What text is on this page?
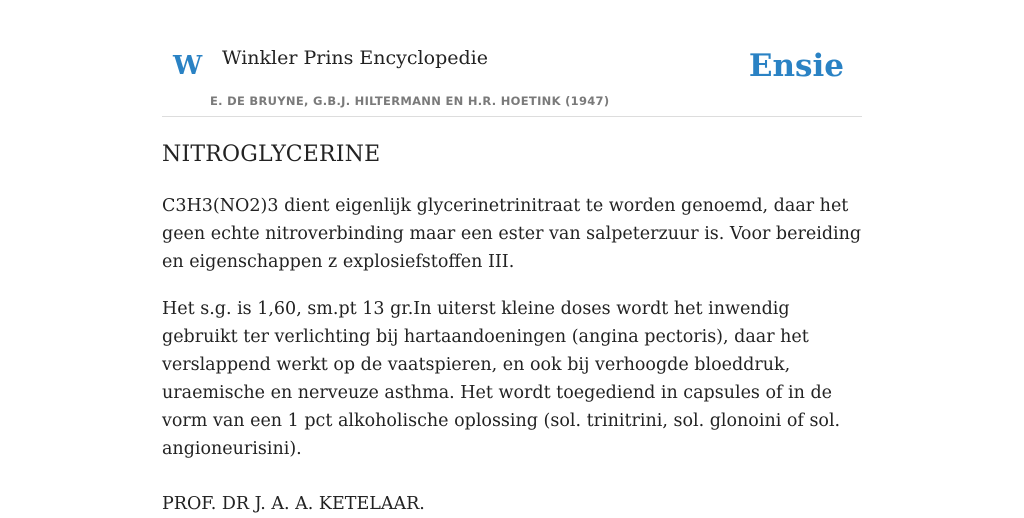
W Winkler Prins Encyclopedie
E. DE BRUYNE, G.B.J. HILTERMANN EN H.R. HOETINK (1947)
Ensie
NITROGLYCERINE

C3H3(NO2)3 dient eigenlijk glycerinetrinitraat te worden genoemd, daar het geen echte nitroverbinding maar een ester van salpeterzuur is. Voor bereiding en eigenschappen z explosiefstoffen III.

Het s.g. is 1,60, sm.pt 13 gr.In uiterst kleine doses wordt het inwendig gebruikt ter verlichting bij hartaandoeningen (angina pectoris), daar het verslappend werkt op de vaatspieren, en ook bij verhoogde bloeddruk, uraemische en nerveuze asthma. Het wordt toegediend in capsules of in de vorm van een 1 pct alkoholische oplossing (sol. trinitrini, sol. glonoini of sol. angioneurisini).

PROF. DR J. A. A. KETELAAR.
